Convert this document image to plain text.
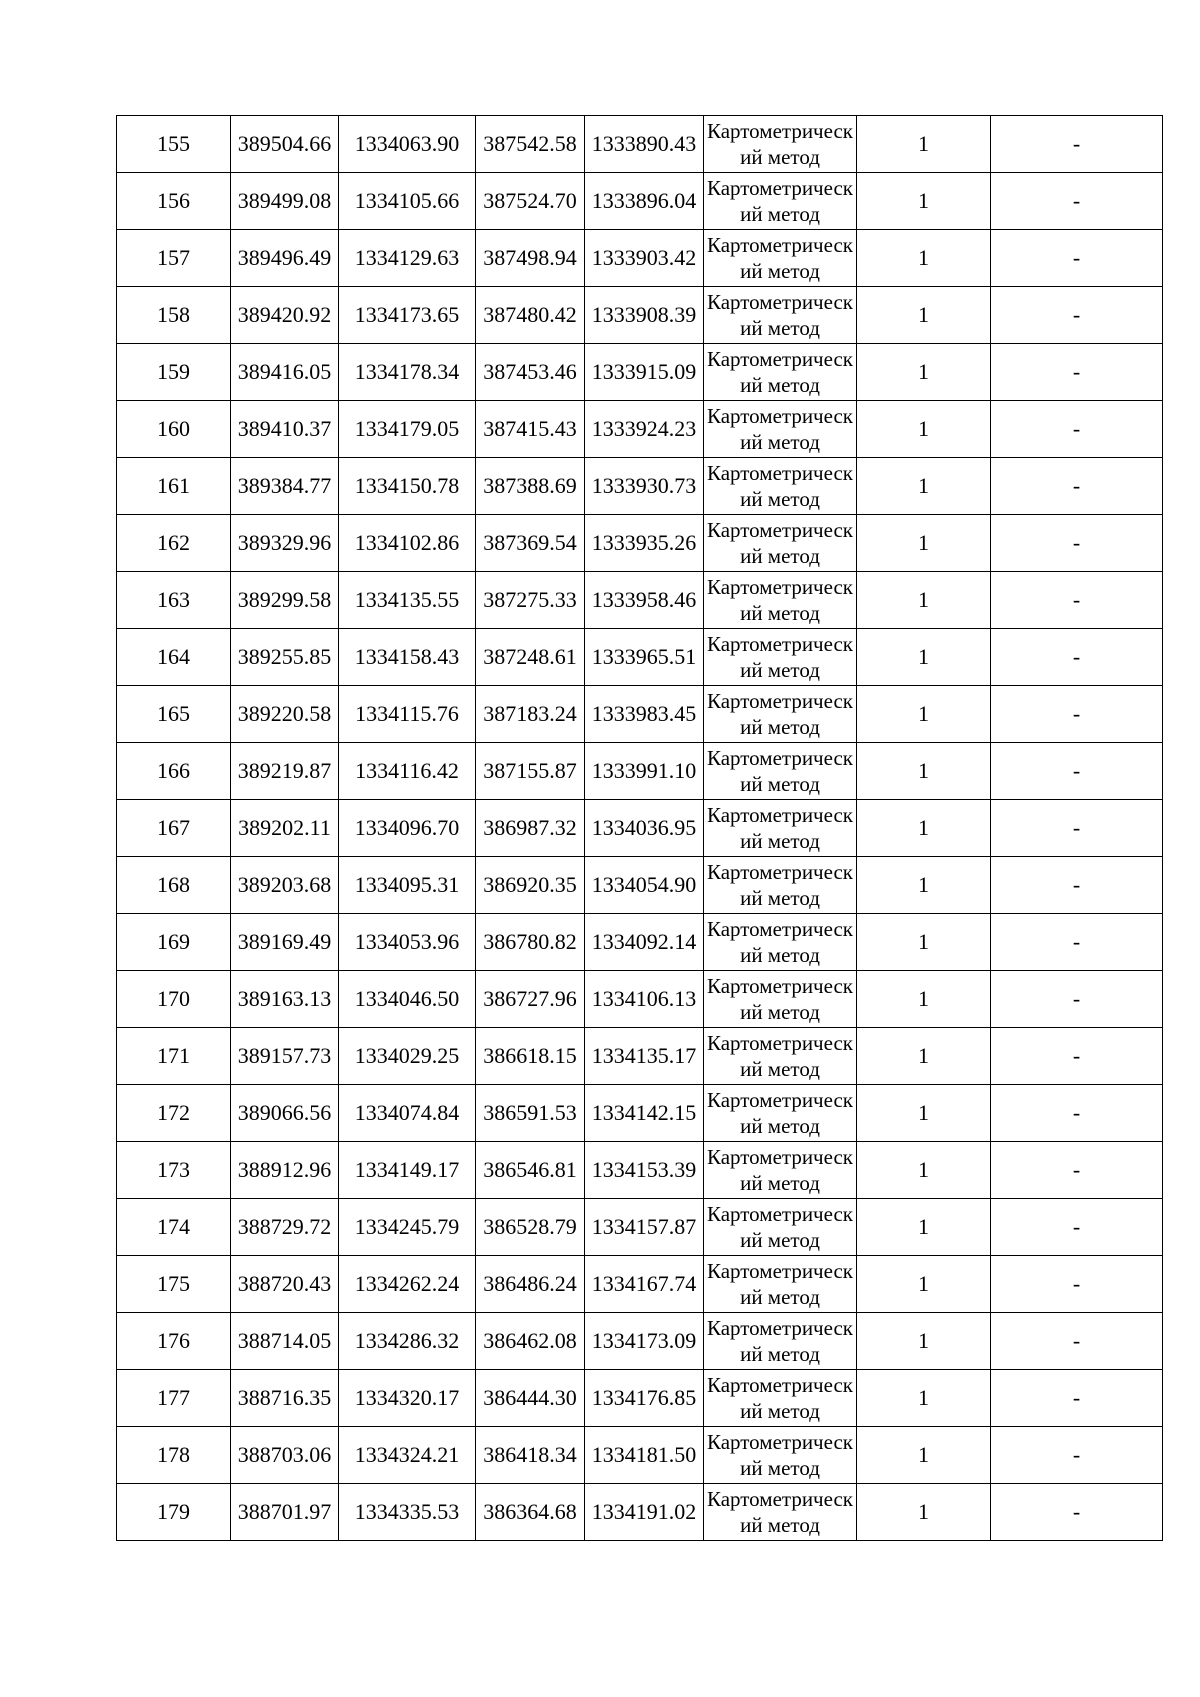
155	389504.66	1334063.90	387542.58	1333890.43	Картометрический метод	1	-
156	389499.08	1334105.66	387524.70	1333896.04	Картометрический метод	1	-
157	389496.49	1334129.63	387498.94	1333903.42	Картометрический метод	1	-
158	389420.92	1334173.65	387480.42	1333908.39	Картометрический метод	1	-
159	389416.05	1334178.34	387453.46	1333915.09	Картометрический метод	1	-
160	389410.37	1334179.05	387415.43	1333924.23	Картометрический метод	1	-
161	389384.77	1334150.78	387388.69	1333930.73	Картометрический метод	1	-
162	389329.96	1334102.86	387369.54	1333935.26	Картометрический метод	1	-
163	389299.58	1334135.55	387275.33	1333958.46	Картометрический метод	1	-
164	389255.85	1334158.43	387248.61	1333965.51	Картометрический метод	1	-
165	389220.58	1334115.76	387183.24	1333983.45	Картометрический метод	1	-
166	389219.87	1334116.42	387155.87	1333991.10	Картометрический метод	1	-
167	389202.11	1334096.70	386987.32	1334036.95	Картометрический метод	1	-
168	389203.68	1334095.31	386920.35	1334054.90	Картометрический метод	1	-
169	389169.49	1334053.96	386780.82	1334092.14	Картометрический метод	1	-
170	389163.13	1334046.50	386727.96	1334106.13	Картометрический метод	1	-
171	389157.73	1334029.25	386618.15	1334135.17	Картометрический метод	1	-
172	389066.56	1334074.84	386591.53	1334142.15	Картометрический метод	1	-
173	388912.96	1334149.17	386546.81	1334153.39	Картометрический метод	1	-
174	388729.72	1334245.79	386528.79	1334157.87	Картометрический метод	1	-
175	388720.43	1334262.24	386486.24	1334167.74	Картометрический метод	1	-
176	388714.05	1334286.32	386462.08	1334173.09	Картометрический метод	1	-
177	388716.35	1334320.17	386444.30	1334176.85	Картометрический метод	1	-
178	388703.06	1334324.21	386418.34	1334181.50	Картометрический метод	1	-
179	388701.97	1334335.53	386364.68	1334191.02	Картометрический метод	1	-
